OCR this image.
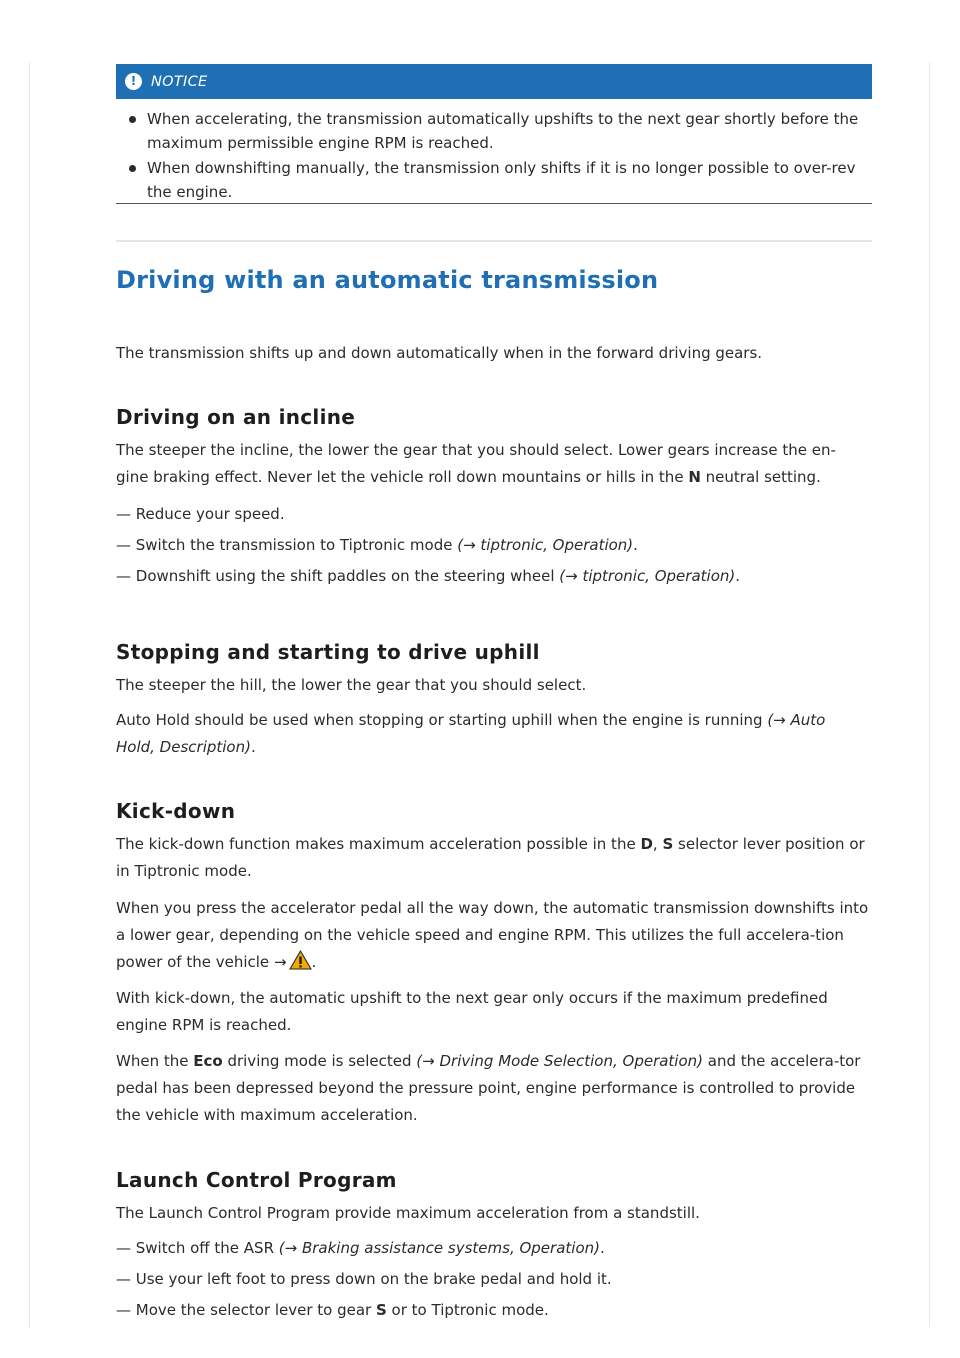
!	NOTICE
When accelerating, the transmission automatically upshifts to the next gear shortly before the maximum permissible engine RPM is reached.
When downshifting manually, the transmission only shifts if it is no longer possible to over-rev the engine.
Driving with an automatic transmission
The transmission shifts up and down automatically when in the forward driving gears.
Driving on an incline
The steeper the incline, the lower the gear that you should select. Lower gears increase the en-gine braking effect. Never let the vehicle roll down mountains or hills in the N neutral setting.
— Reduce your speed.
— Switch the transmission to Tiptronic mode (→ tiptronic, Operation).
— Downshift using the shift paddles on the steering wheel (→ tiptronic, Operation).
Stopping and starting to drive uphill
The steeper the hill, the lower the gear that you should select.
Auto Hold should be used when stopping or starting uphill when the engine is running (→ Auto Hold, Description).
Kick-down
The kick-down function makes maximum acceleration possible in the D, S selector lever position or in Tiptronic mode.
When you press the accelerator pedal all the way down, the automatic transmission downshifts into a lower gear, depending on the vehicle speed and engine RPM. This utilizes the full accelera-tion power of the vehicle → .
With kick-down, the automatic upshift to the next gear only occurs if the maximum predefined engine RPM is reached.
When the Eco driving mode is selected (→ Driving Mode Selection, Operation) and the accelera-tor pedal has been depressed beyond the pressure point, engine performance is controlled to provide the vehicle with maximum acceleration.
Launch Control Program
The Launch Control Program provide maximum acceleration from a standstill.
— Switch off the ASR (→ Braking assistance systems, Operation).
— Use your left foot to press down on the brake pedal and hold it.
— Move the selector lever to gear S or to Tiptronic mode.
